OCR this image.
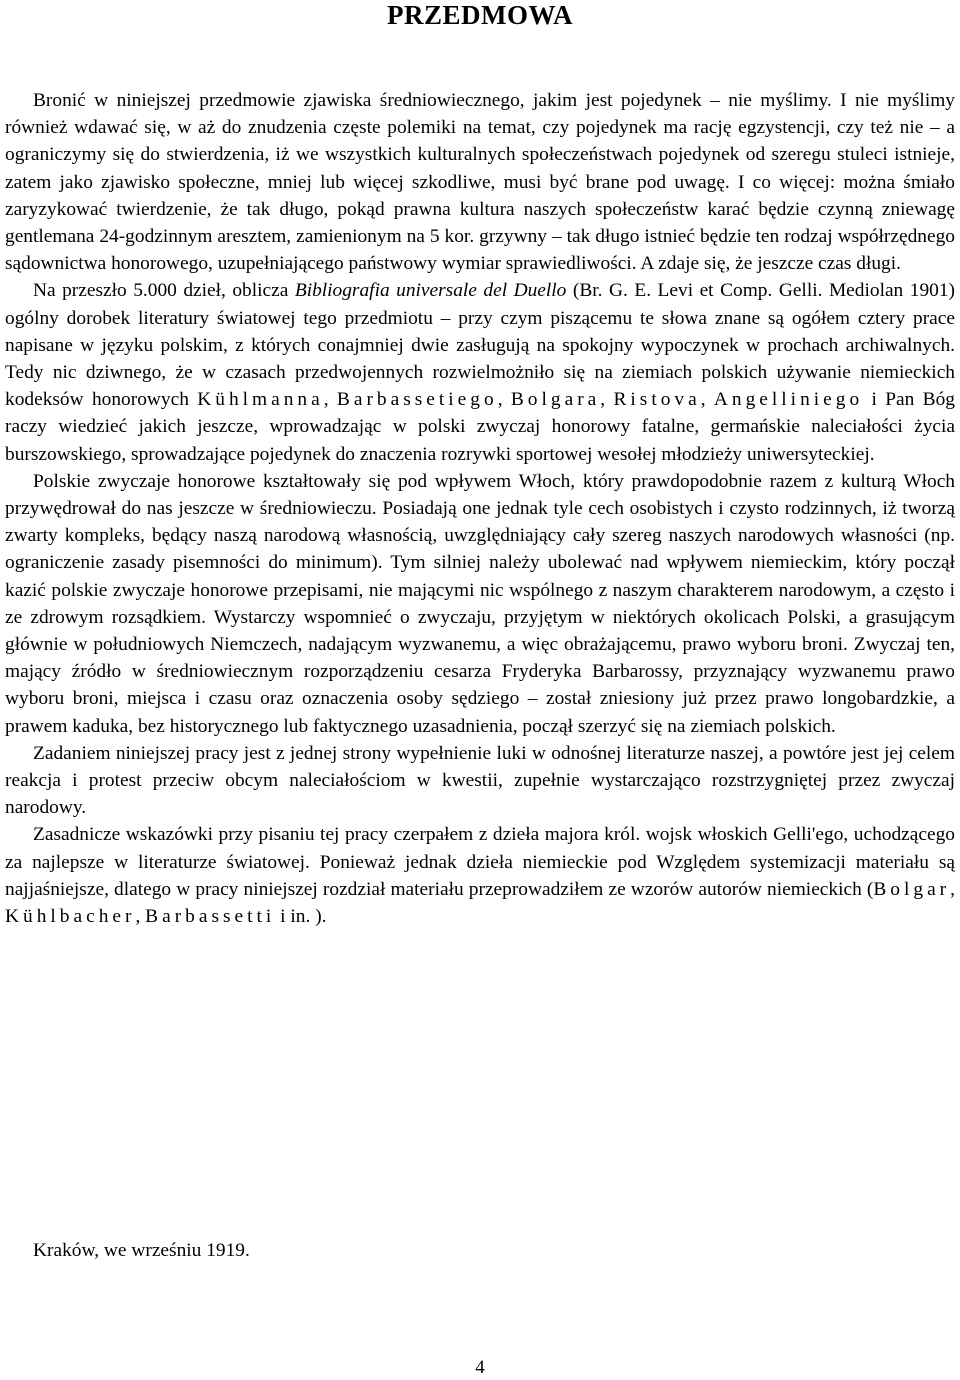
PRZEDMOWA

Bronić w niniejszej przedmowie zjawiska średniowiecznego, jakim jest pojedynek – nie myślimy. I nie myślimy również wdawać się, w aż do znudzenia częste polemiki na temat, czy pojedynek ma rację egzystencji, czy też nie – a ograniczymy się do stwierdzenia, iż we wszystkich kulturalnych społeczeństwach pojedynek od szeregu stuleci istnieje, zatem jako zjawisko społeczne, mniej lub więcej szkodliwe, musi być brane pod uwagę. I co więcej: można śmiało zaryzykować twierdzenie, że tak długo, pokąd prawna kultura naszych społeczeństw karać będzie czynną zniewagę gentlemana 24-godzinnym aresztem, zamienionym na 5 kor. grzywny – tak długo istnieć będzie ten rodzaj współrzędnego sądownictwa honorowego, uzupełniającego państwowy wymiar sprawiedliwości. A zdaje się, że jeszcze czas długi.

Na przeszło 5.000 dzieł, oblicza Bibliografia universale del Duello (Br. G. E. Levi et Comp. Gelli. Mediolan 1901) ogólny dorobek literatury światowej tego przedmiotu – przy czym piszącemu te słowa znane są ogółem cztery prace napisane w języku polskim, z których conajmniej dwie zasługują na spokojny wypoczynek w prochach archiwalnych. Tedy nic dziwnego, że w czasach przedwojennych rozwielmożniło się na ziemiach polskich używanie niemieckich kodeksów honorowych Kühlmanna, Barbassetiego, Bolgara, Ristova, Angelliniego i Pan Bóg raczy wiedzieć jakich jeszcze, wprowadzając w polski zwyczaj honorowy fatalne, germańskie naleciałości życia burszowskiego, sprowadzające pojedynek do znaczenia rozrywki sportowej wesołej młodzieży uniwersyteckiej.

Polskie zwyczaje honorowe kształtowały się pod wpływem Włoch, który prawdopodobnie razem z kulturą Włoch przywędrował do nas jeszcze w średniowieczu. Posiadają one jednak tyle cech osobistych i czysto rodzinnych, iż tworzą zwarty kompleks, będący naszą narodową własnością, uwzględniający cały szereg naszych narodowych własności (np. ograniczenie zasady pisemności do minimum). Tym silniej należy ubolewać nad wpływem niemieckim, który począł kazić polskie zwyczaje honorowe przepisami, nie mającymi nic wspólnego z naszym charakterem narodowym, a często i ze zdrowym rozsądkiem. Wystarczy wspomnieć o zwyczaju, przyjętym w niektórych okolicach Polski, a grasującym głównie w południowych Niemczech, nadającym wyzwanemu, a więc obrażającemu, prawo wyboru broni. Zwyczaj ten, mający źródło w średniowiecznym rozporządzeniu cesarza Fryderyka Barbarossy, przyznający wyzwanemu prawo wyboru broni, miejsca i czasu oraz oznaczenia osoby sędziego – został zniesiony już przez prawo longobardzkie, a prawem kaduka, bez historycznego lub faktycznego uzasadnienia, począł szerzyć się na ziemiach polskich.

Zadaniem niniejszej pracy jest z jednej strony wypełnienie luki w odnośnej literaturze naszej, a powtóre jest jej celem reakcja i protest przeciw obcym naleciałościom w kwestii, zupełnie wystarczająco rozstrzygniętej przez zwyczaj narodowy.

Zasadnicze wskazówki przy pisaniu tej pracy czerpałem z dzieła majora król. wojsk włoskich Gelli'ego, uchodzącego za najlepsze w literaturze światowej. Ponieważ jednak dzieła niemieckie pod Względem systemizacji materiału są najjaśniejsze, dlatego w pracy niniejszej rozdział materiału przeprowadziłem ze wzorów autorów niemieckich (Bolgar, Kühlbacher, Barbassetti i in. ).

Kraków, we wrześniu 1919.
4
